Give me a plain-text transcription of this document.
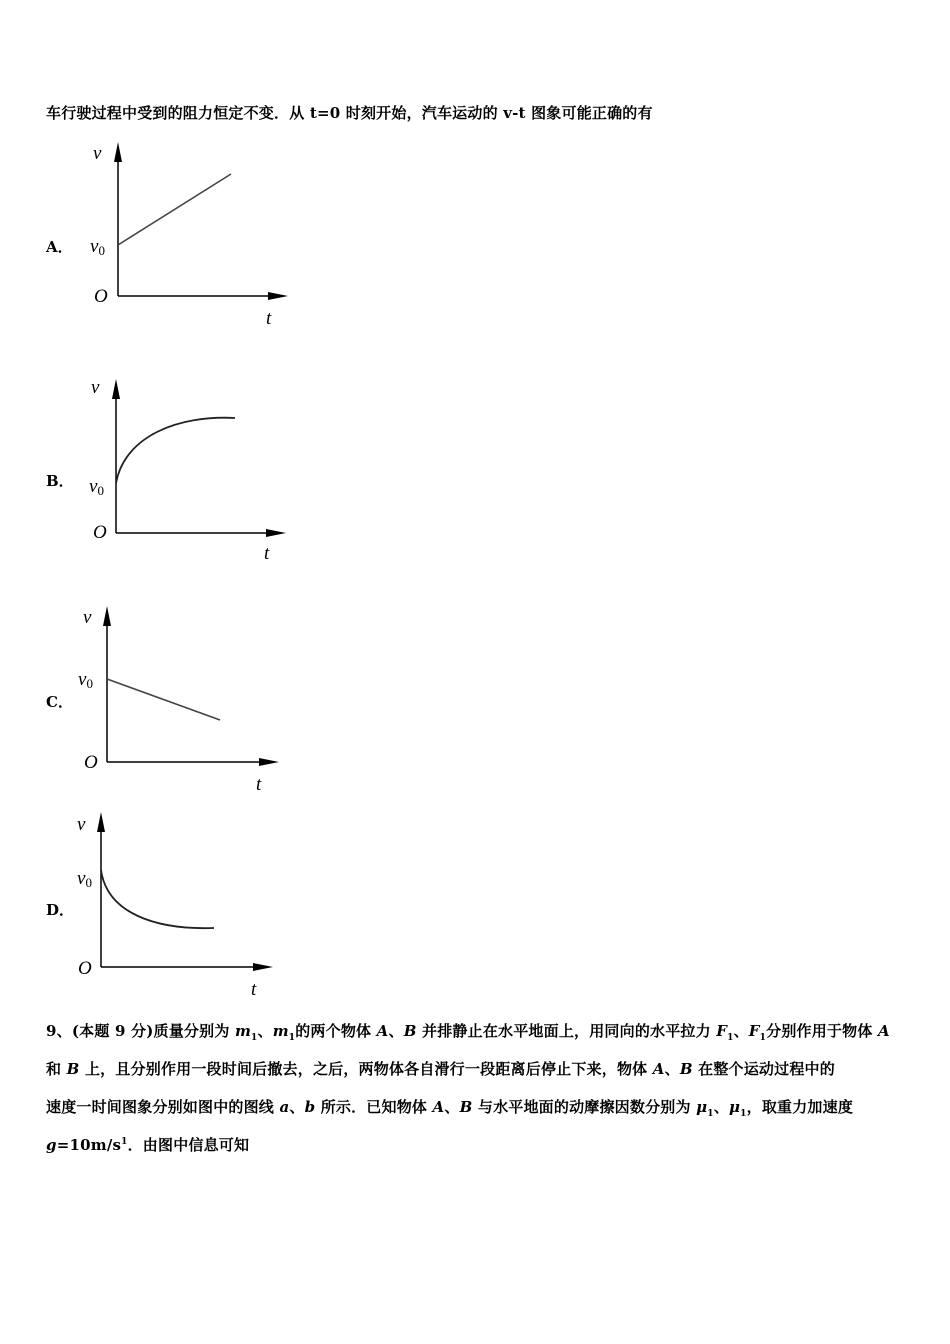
车行驶过程中受到的阻力恒定不变．从 t=0 时刻开始，汽车运动的 v-t 图象可能正确的有
A．
v
v0
O
t
B．
v
v0
O
t
C．
v
v0
O
t
D．
v
v0
O
t
9、(本题 9 分)质量分别为 $m_1$、$m_1$的两个物体 A、B 并排静止在水平地面上，用同向的水平拉力 $F_1$、$F_1$分别作用于物体 A
和 B 上，且分别作用一段时间后撤去，之后，两物体各自滑行一段距离后停止下来，物体 A、B 在整个运动过程中的
速度一时间图象分别如图中的图线 a、b 所示．已知物体 A、B 与水平地面的动摩擦因数分别为 $\mu_1$、$\mu_1$，取重力加速度
$g=10m/s^1$．由图中信息可知
